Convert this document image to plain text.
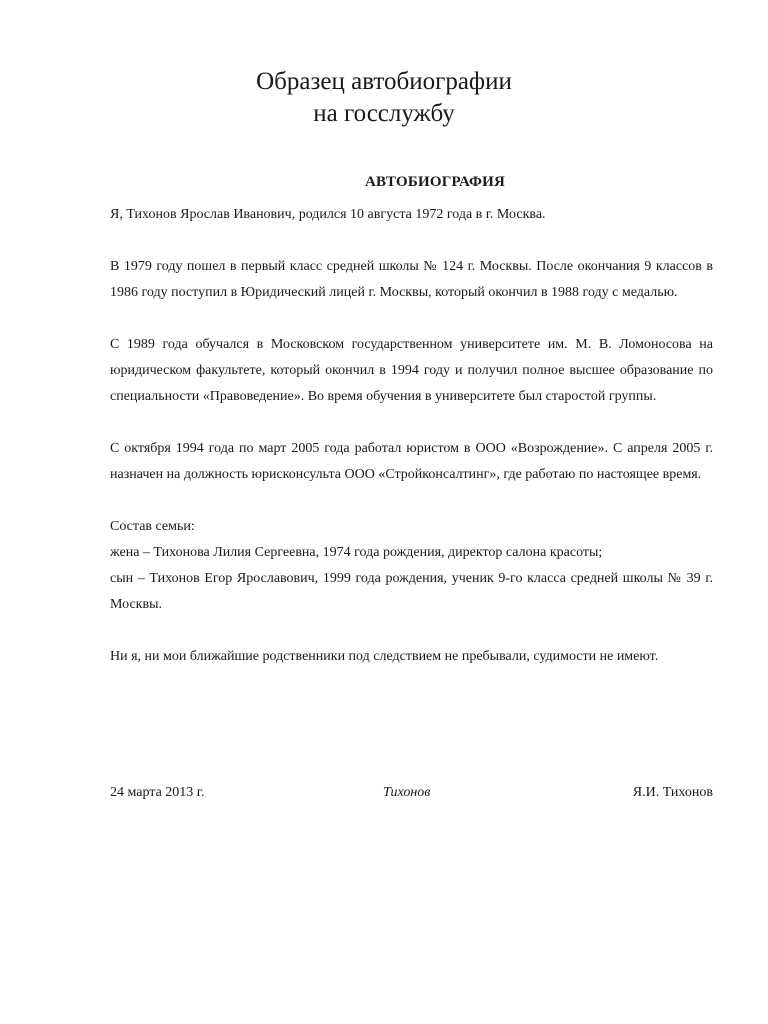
Образец автобиографии
на госслужбу
АВТОБИОГРАФИЯ

Я, Тихонов Ярослав Иванович, родился 10 августа 1972 года в г. Москва.

В 1979 году пошел в первый класс средней школы № 124 г. Москвы. После окончания 9 классов в 1986 году поступил в Юридический лицей г. Москвы, который окончил в 1988 году с медалью.

С 1989 года обучался в Московском государственном университете им. М. В. Ломоносова на юридическом факультете, который окончил в 1994 году и получил полное высшее образование по специальности «Правоведение». Во время обучения в университете был старостой группы.

С октября 1994 года по март 2005 года работал юристом в ООО «Возрождение». С апреля 2005 г. назначен на должность юрисконсульта ООО «Стройконсалтинг», где работаю по настоящее время.

Состав семьи:

жена – Тихонова Лилия Сергеевна, 1974 года рождения, директор салона красоты;

сын – Тихонов Егор Ярославович, 1999 года рождения, ученик 9-го класса средней школы № 39 г. Москвы.

Ни я, ни мои ближайшие родственники под следствием не пребывали, судимости не имеют.

24 марта 2013 г.	Тихонов	Я.И. Тихонов
